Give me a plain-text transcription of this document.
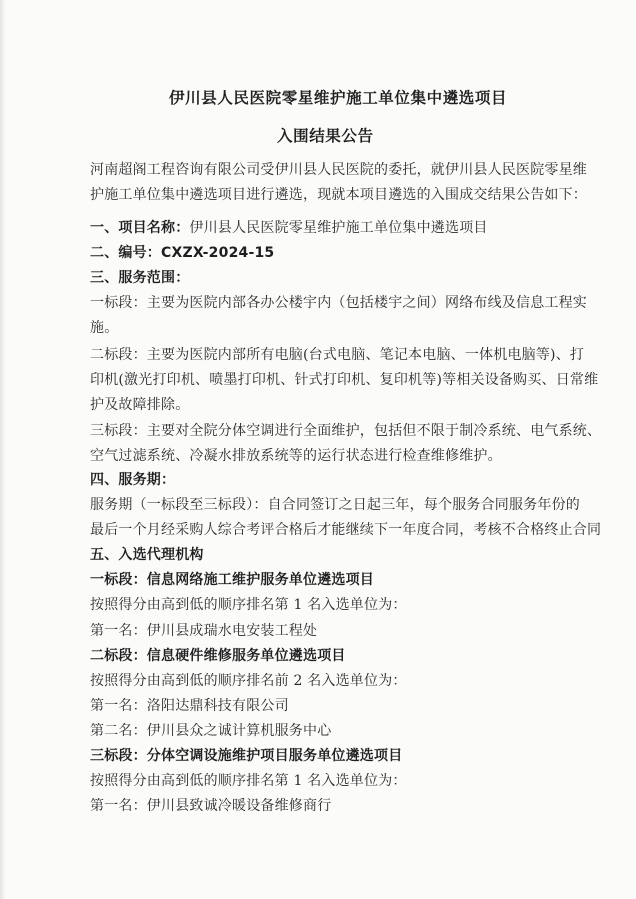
伊川县人民医院零星维护施工单位集中遴选项目
入围结果公告
河南超阁工程咨询有限公司受伊川县人民医院的委托，就伊川县人民医院零星维
护施工单位集中遴选项目进行遴选，现就本项目遴选的入围成交结果公告如下：
一、项目名称：伊川县人民医院零星维护施工单位集中遴选项目
二、编号：CXZX-2024-15
三、服务范围：
一标段：主要为医院内部各办公楼宇内（包括楼宇之间）网络布线及信息工程实
施。
二标段：主要为医院内部所有电脑(台式电脑、笔记本电脑、一体机电脑等)、打
印机(激光打印机、喷墨打印机、针式打印机、复印机等)等相关设备购买、日常维
护及故障排除。
三标段：主要对全院分体空调进行全面维护，包括但不限于制冷系统、电气系统、
空气过滤系统、冷凝水排放系统等的运行状态进行检查维修维护。
四、服务期：
服务期（一标段至三标段）：自合同签订之日起三年，每个服务合同服务年份的
最后一个月经采购人综合考评合格后才能继续下一年度合同，考核不合格终止合同
五、入选代理机构
一标段：信息网络施工维护服务单位遴选项目
按照得分由高到低的顺序排名第 1 名入选单位为：
第一名：伊川县成瑞水电安装工程处
二标段：信息硬件维修服务单位遴选项目
按照得分由高到低的顺序排名前 2 名入选单位为：
第一名：洛阳达鼎科技有限公司
第二名：伊川县众之诚计算机服务中心
三标段：分体空调设施维护项目服务单位遴选项目
按照得分由高到低的顺序排名第 1 名入选单位为：
第一名：伊川县致诚冷暖设备维修商行
